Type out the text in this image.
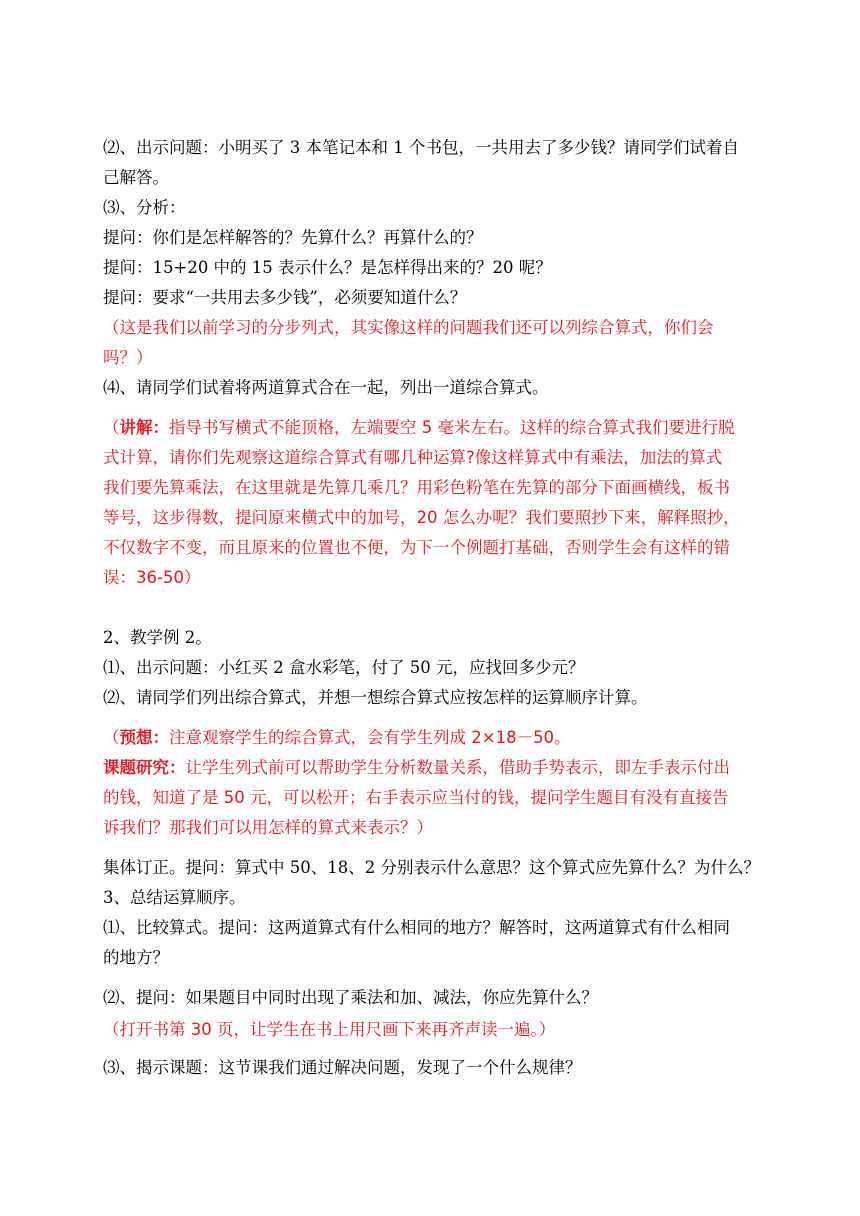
⑵、出示问题：小明买了 3 本笔记本和 1 个书包，一共用去了多少钱？请同学们试着自
己解答。
⑶、分析：
提问：你们是怎样解答的？先算什么？再算什么的？
提问：15+20 中的 15 表示什么？是怎样得出来的？20 呢？
提问：要求“一共用去多少钱”，必须要知道什么？
（这是我们以前学习的分步列式，其实像这样的问题我们还可以列综合算式，你们会
吗？）
⑷、请同学们试着将两道算式合在一起，列出一道综合算式。
（讲解：指导书写横式不能顶格，左端要空 5 毫米左右。这样的综合算式我们要进行脱
式计算，请你们先观察这道综合算式有哪几种运算?像这样算式中有乘法，加法的算式
我们要先算乘法，在这里就是先算几乘几？用彩色粉笔在先算的部分下面画横线，板书
等号，这步得数，提问原来横式中的加号，20 怎么办呢？我们要照抄下来，解释照抄，
不仅数字不变，而且原来的位置也不便，为下一个例题打基础，否则学生会有这样的错
误：36-50）
2、教学例 2。
⑴、出示问题：小红买 2 盒水彩笔，付了 50 元，应找回多少元？
⑵、请同学们列出综合算式，并想一想综合算式应按怎样的运算顺序计算。
（预想：注意观察学生的综合算式，会有学生列成 2×18－50。
课题研究：让学生列式前可以帮助学生分析数量关系，借助手势表示，即左手表示付出
的钱，知道了是 50 元，可以松开；右手表示应当付的钱，提问学生题目有没有直接告
诉我们？那我们可以用怎样的算式来表示？）
集体订正。提问：算式中 50、18、2 分别表示什么意思？这个算式应先算什么？为什么？
3、总结运算顺序。
⑴、比较算式。提问：这两道算式有什么相同的地方？解答时，这两道算式有什么相同
的地方？
⑵、提问：如果题目中同时出现了乘法和加、减法，你应先算什么？
（打开书第 30 页，让学生在书上用尺画下来再齐声读一遍。）
⑶、揭示课题：这节课我们通过解决问题，发现了一个什么规律？
